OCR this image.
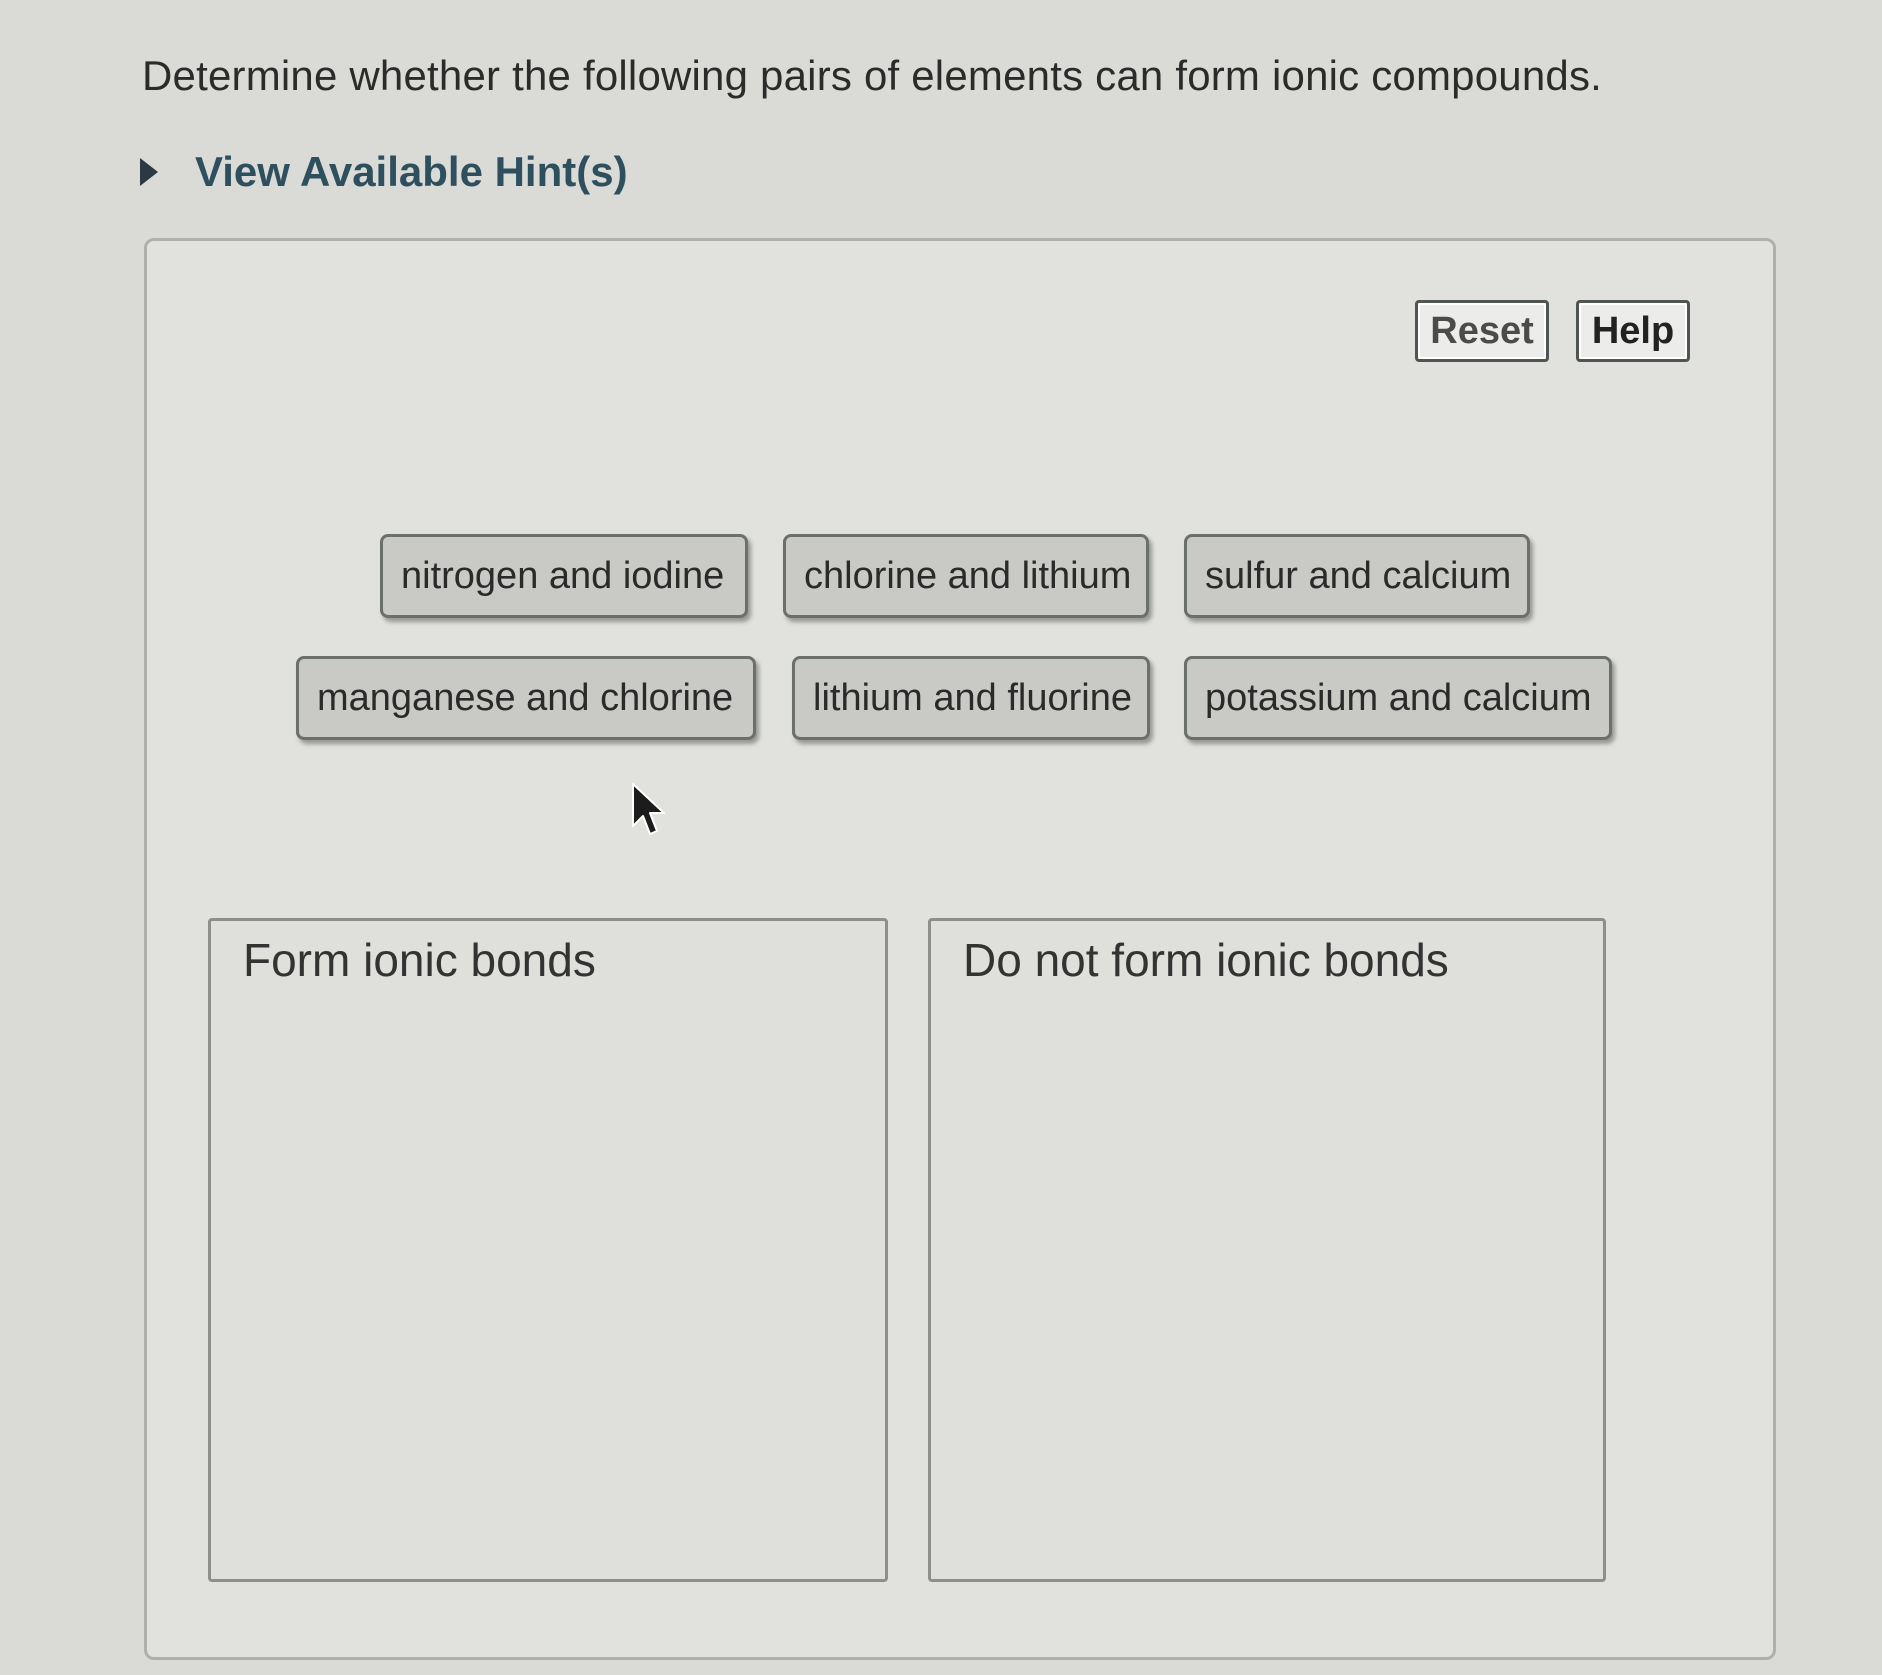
Determine whether the following pairs of elements can form ionic compounds.
View Available Hint(s)
Reset	Help
nitrogen and iodine	chlorine and lithium	sulfur and calcium
manganese and chlorine	lithium and fluorine	potassium and calcium
Form ionic bonds	Do not form ionic bonds
